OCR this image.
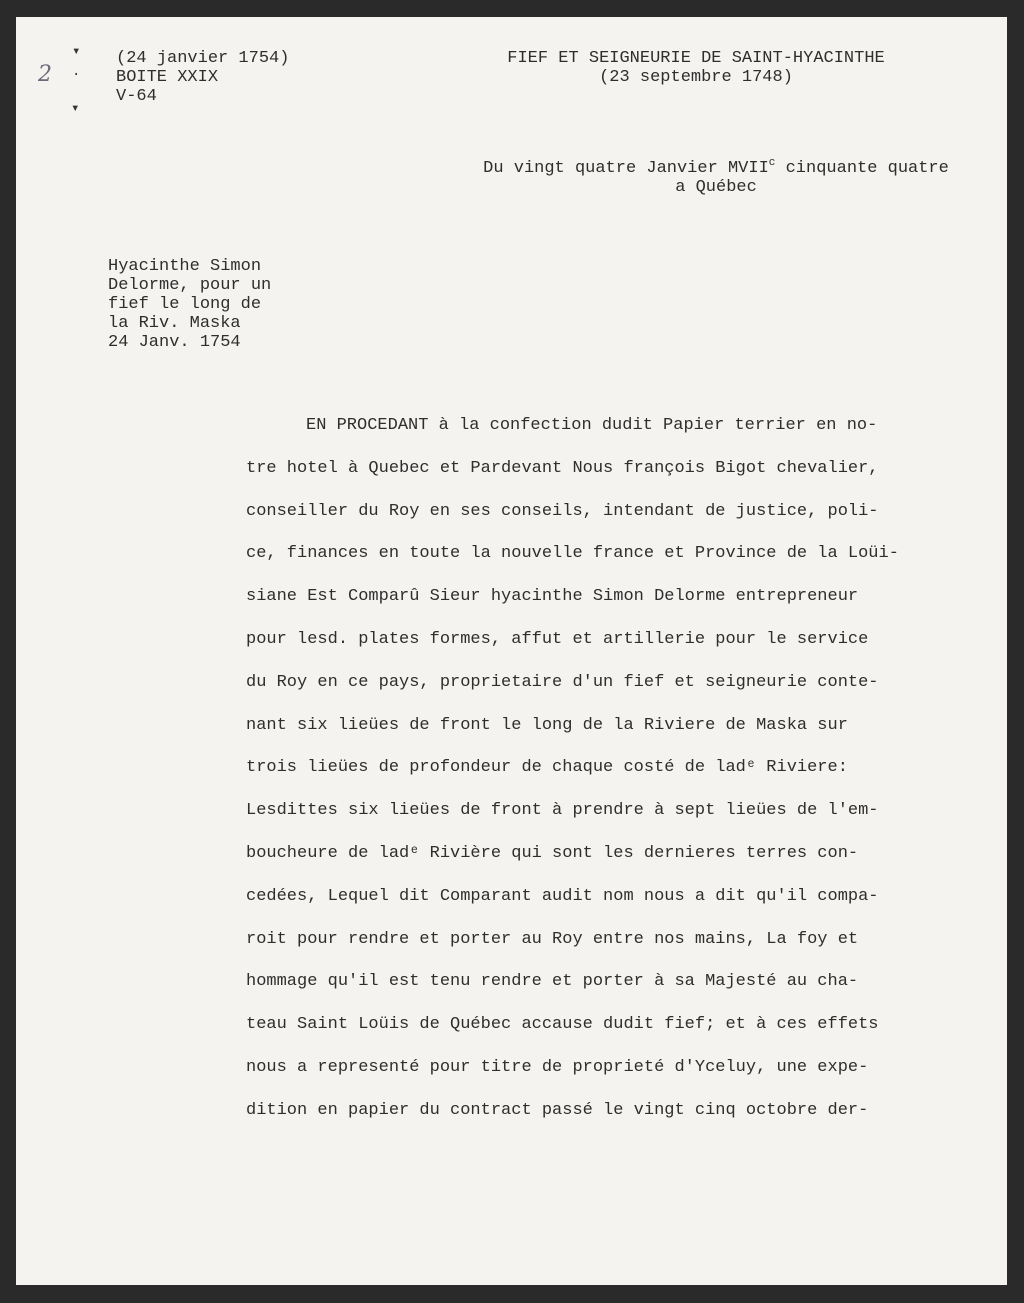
2
▾
·
▾
(24 janvier 1754)
BOITE XXIX
V-64
FIEF ET SEIGNEURIE DE SAINT-HYACINTHE
(23 septembre 1748)
Du vingt quatre Janvier MVII$^c$ cinquante quatre
a Québec
Hyacinthe Simon
Delorme, pour un
fief le long de
la Riv. Maska
24 Janv. 1754
EN PROCEDANT à la confection dudit Papier terrier en no-
tre hotel à Quebec et Pardevant Nous françois Bigot chevalier,
conseiller du Roy en ses conseils, intendant de justice, poli-
ce, finances en toute la nouvelle france et Province de la Loüi-
siane Est Comparû Sieur hyacinthe Simon Delorme entrepreneur
pour lesd. plates formes, affut et artillerie pour le service
du Roy en ce pays, proprietaire d'un fief et seigneurie conte-
nant six lieües de front le long de la Riviere de Maska sur
trois lieües de profondeur de chaque costé de ladᵉ Riviere:
Lesdittes six lieües de front à prendre à sept lieües de l'em-
boucheure de ladᵉ Rivière qui sont les dernieres terres con-
cedées, Lequel dit Comparant audit nom nous a dit qu'il compa-
roit pour rendre et porter au Roy entre nos mains, La foy et
hommage qu'il est tenu rendre et porter à sa Majesté au cha-
teau Saint Loüis de Québec accause dudit fief; et à ces effets
nous a representé pour titre de proprieté d'Yceluy, une expe-
dition en papier du contract passé le vingt cinq octobre der-
